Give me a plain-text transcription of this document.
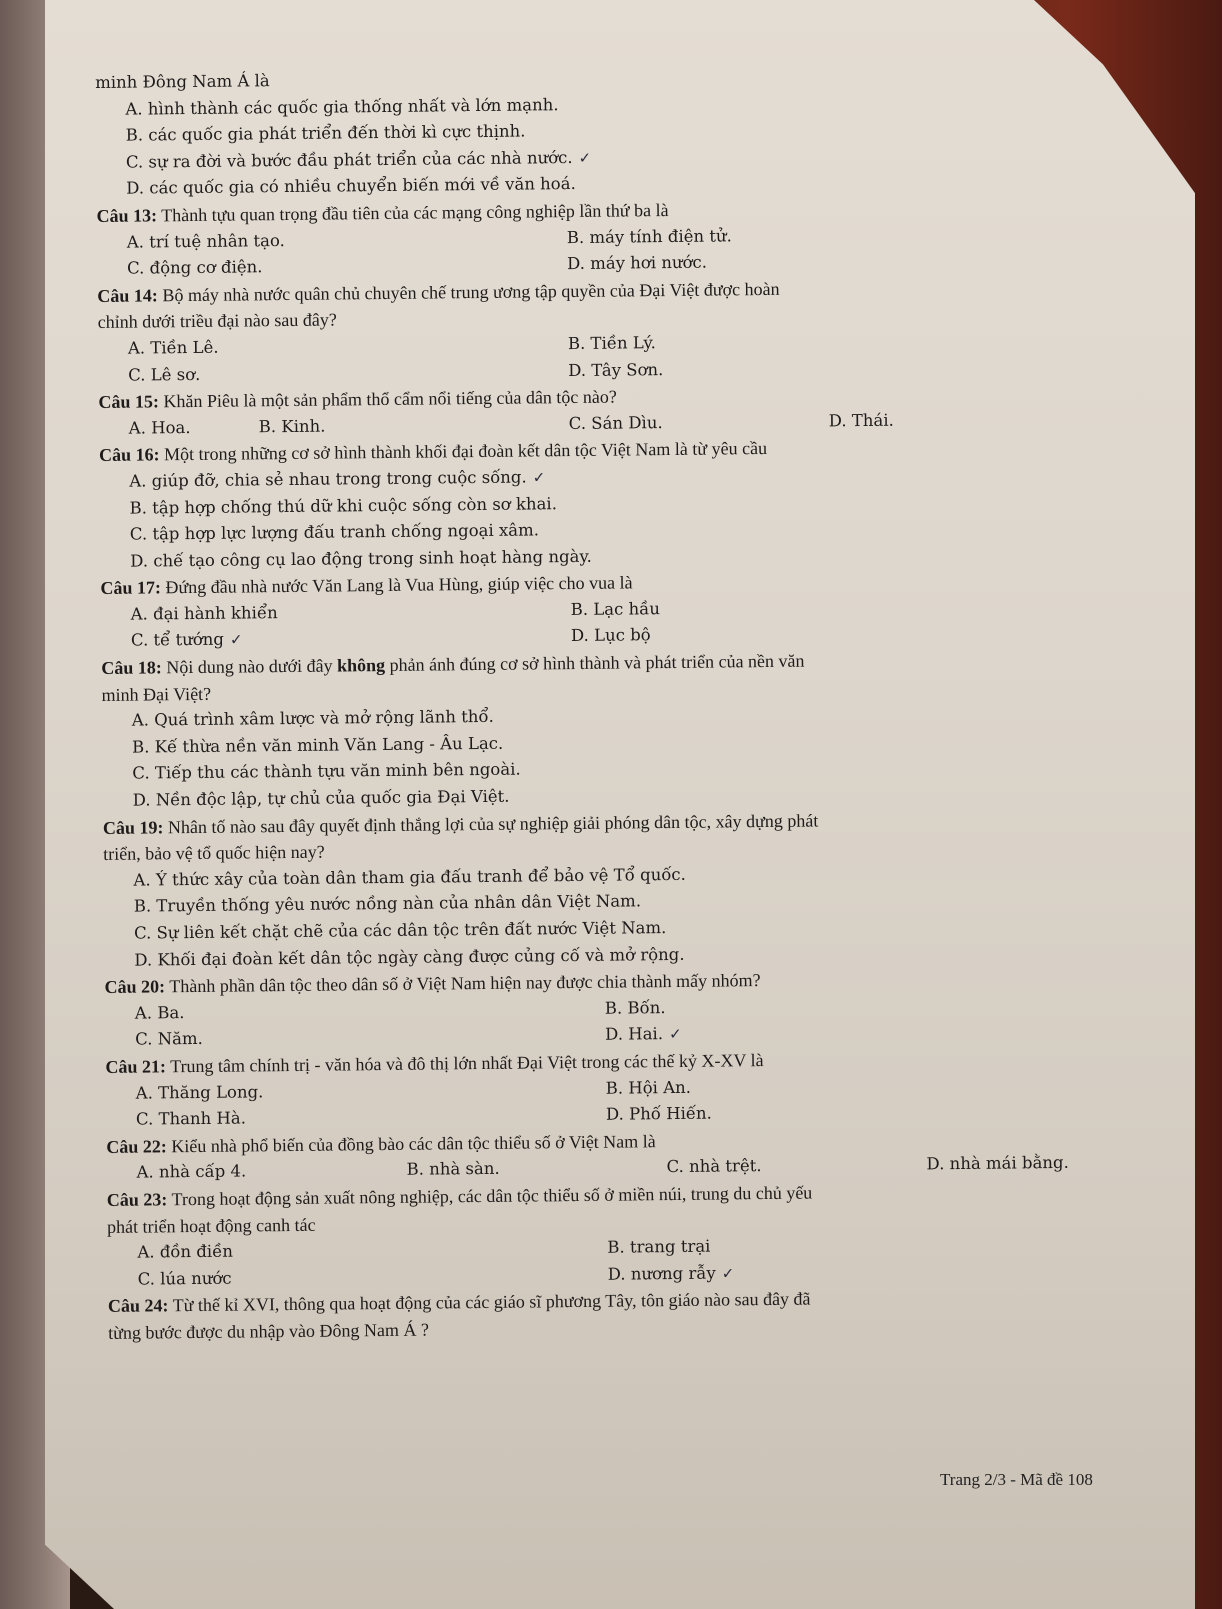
minh Đông Nam Á là
A. hình thành các quốc gia thống nhất và lớn mạnh.
B. các quốc gia phát triển đến thời kì cực thịnh.
C. sự ra đời và bước đầu phát triển của các nhà nước. ✓
D. các quốc gia có nhiều chuyển biến mới về văn hoá.
Câu 13: Thành tựu quan trọng đầu tiên của các mạng công nghiệp lần thứ ba là
A. trí tuệ nhân tạo.	B. máy tính điện tử.
C. động cơ điện.	D. máy hơi nước.
Câu 14: Bộ máy nhà nước quân chủ chuyên chế trung ương tập quyền của Đại Việt được hoàn
chỉnh dưới triều đại nào sau đây?
A. Tiền Lê.	B. Tiền Lý.
C. Lê sơ.	D. Tây Sơn.
Câu 15: Khăn Piêu là một sản phẩm thổ cẩm nổi tiếng của dân tộc nào?
A. Hoa.	B. Kinh.	C. Sán Dìu.	D. Thái.
Câu 16: Một trong những cơ sở hình thành khối đại đoàn kết dân tộc Việt Nam là từ yêu cầu
A. giúp đỡ, chia sẻ nhau trong trong cuộc sống. ✓
B. tập hợp chống thú dữ khi cuộc sống còn sơ khai.
C. tập hợp lực lượng đấu tranh chống ngoại xâm.
D. chế tạo công cụ lao động trong sinh hoạt hàng ngày.
Câu 17: Đứng đầu nhà nước Văn Lang là Vua Hùng, giúp việc cho vua là
A. đại hành khiển	B. Lạc hầu
C. tể tướng ✓	D. Lục bộ
Câu 18: Nội dung nào dưới đây không phản ánh đúng cơ sở hình thành và phát triển của nền văn
minh Đại Việt?
A. Quá trình xâm lược và mở rộng lãnh thổ.
B. Kế thừa nền văn minh Văn Lang - Âu Lạc.
C. Tiếp thu các thành tựu văn minh bên ngoài.
D. Nền độc lập, tự chủ của quốc gia Đại Việt.
Câu 19: Nhân tố nào sau đây quyết định thắng lợi của sự nghiệp giải phóng dân tộc, xây dựng phát
triển, bảo vệ tổ quốc hiện nay?
A. Ý thức xây của toàn dân tham gia đấu tranh để bảo vệ Tổ quốc.
B. Truyền thống yêu nước nồng nàn của nhân dân Việt Nam.
C. Sự liên kết chặt chẽ của các dân tộc trên đất nước Việt Nam.
D. Khối đại đoàn kết dân tộc ngày càng được củng cố và mở rộng.
Câu 20: Thành phần dân tộc theo dân số ở Việt Nam hiện nay được chia thành mấy nhóm?
A. Ba.	B. Bốn.
C. Năm.	D. Hai. ✓
Câu 21: Trung tâm chính trị - văn hóa và đô thị lớn nhất Đại Việt trong các thế kỷ X-XV là
A. Thăng Long.	B. Hội An.
C. Thanh Hà.	D. Phố Hiến.
Câu 22: Kiểu nhà phổ biến của đồng bào các dân tộc thiểu số ở Việt Nam là
A. nhà cấp 4.	B. nhà sàn.	C. nhà trệt.	D. nhà mái bằng.
Câu 23: Trong hoạt động sản xuất nông nghiệp, các dân tộc thiểu số ở miền núi, trung du chủ yếu
phát triển hoạt động canh tác
A. đồn điền	B. trang trại
C. lúa nước	D. nương rẫy ✓
Câu 24: Từ thế kỉ XVI, thông qua hoạt động của các giáo sĩ phương Tây, tôn giáo nào sau đây đã
từng bước được du nhập vào Đông Nam Á ?
Trang 2/3 - Mã đề 108
